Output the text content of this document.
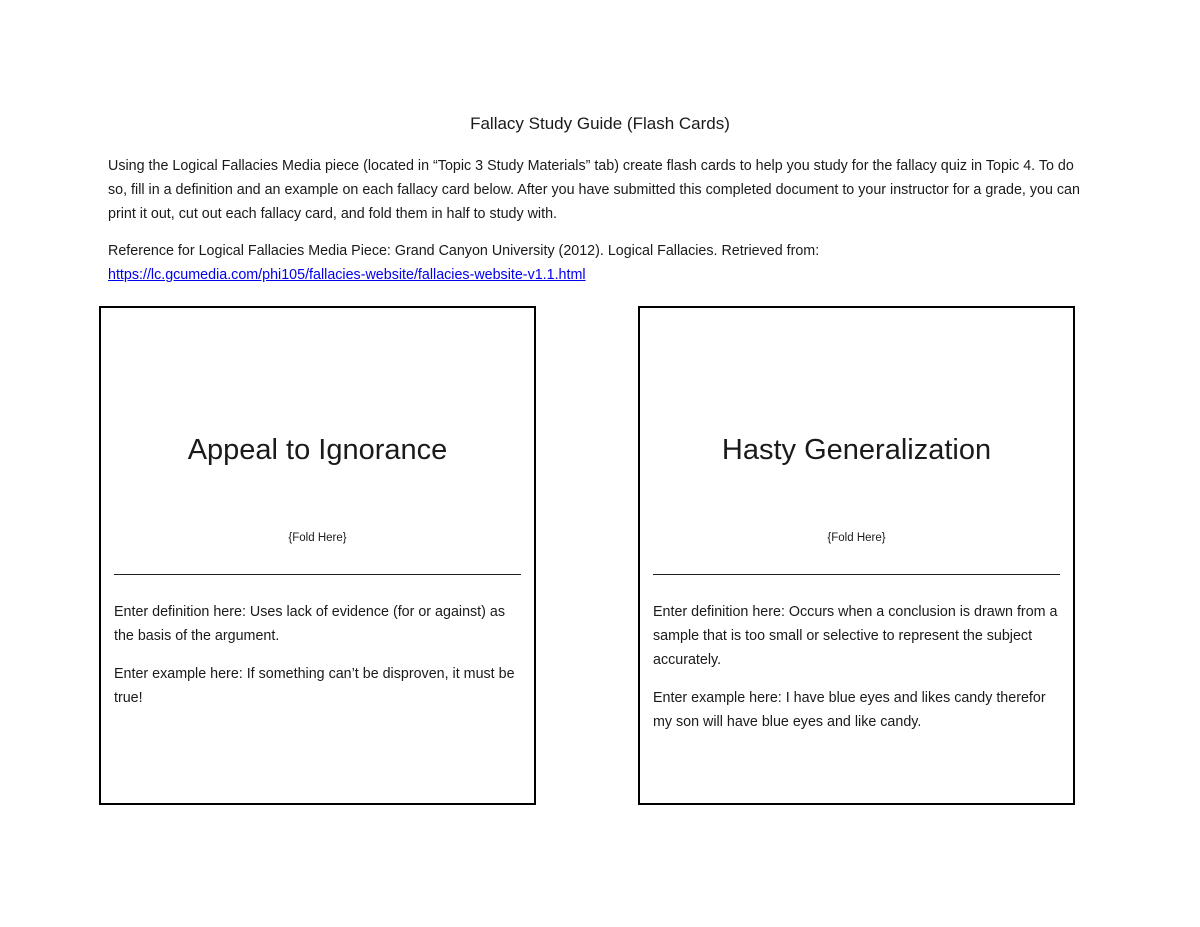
Fallacy Study Guide (Flash Cards)

Using the Logical Fallacies Media piece (located in “Topic 3 Study Materials” tab) create flash cards to help you study for the fallacy quiz in Topic 4. To do so, fill in a definition and an example on each fallacy card below. After you have submitted this completed document to your instructor for a grade, you can print it out, cut out each fallacy card, and fold them in half to study with.

Reference for Logical Fallacies Media Piece: Grand Canyon University (2012). Logical Fallacies. Retrieved from:
https://lc.gcumedia.com/phi105/fallacies-website/fallacies-website-v1.1.html

Appeal to Ignorance
{Fold Here}

Enter definition here: Uses lack of evidence (for or against) as the basis of the argument.

Enter example here: If something can’t be disproven, it must be true!

Hasty Generalization
{Fold Here}

Enter definition here: Occurs when a conclusion is drawn from a sample that is too small or selective to represent the subject accurately.

Enter example here: I have blue eyes and likes candy therefor my son will have blue eyes and like candy.
